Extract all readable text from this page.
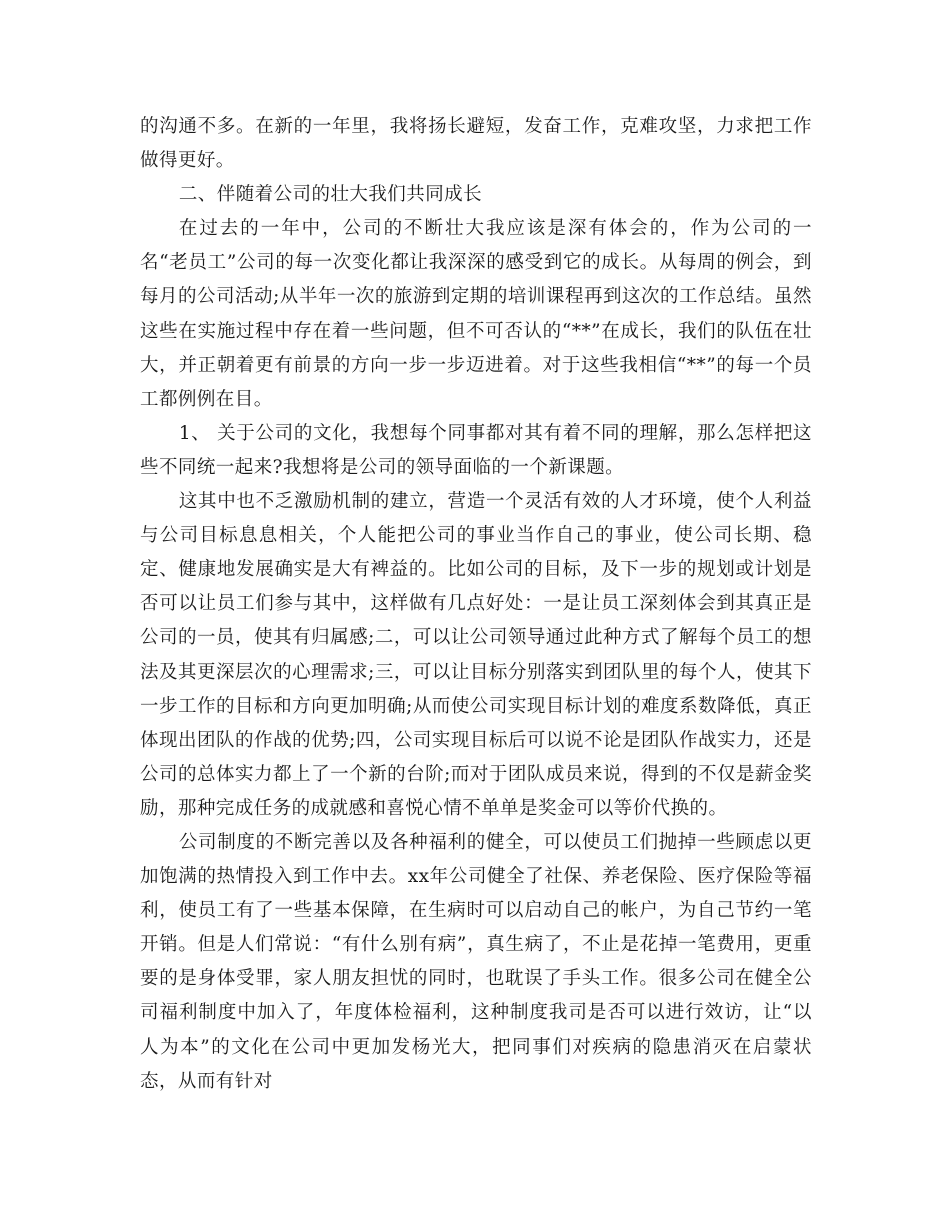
的沟通不多。在新的一年里，我将扬长避短，发奋工作，克难攻坚，力求把工作做得更好。

二、伴随着公司的壮大我们共同成长

在过去的一年中，公司的不断壮大我应该是深有体会的，作为公司的一名“老员工”公司的每一次变化都让我深深的感受到它的成长。从每周的例会，到每月的公司活动;从半年一次的旅游到定期的培训课程再到这次的工作总结。虽然这些在实施过程中存在着一些问题，但不可否认的“**”在成长，我们的队伍在壮大，并正朝着更有前景的方向一步一步迈进着。对于这些我相信“**”的每一个员工都例例在目。

1、 关于公司的文化，我想每个同事都对其有着不同的理解，那么怎样把这些不同统一起来?我想将是公司的领导面临的一个新课题。

这其中也不乏激励机制的建立，营造一个灵活有效的人才环境，使个人利益与公司目标息息相关，个人能把公司的事业当作自己的事业，使公司长期、稳定、健康地发展确实是大有裨益的。比如公司的目标，及下一步的规划或计划是否可以让员工们参与其中，这样做有几点好处：一是让员工深刻体会到其真正是公司的一员，使其有归属感;二，可以让公司领导通过此种方式了解每个员工的想法及其更深层次的心理需求;三，可以让目标分别落实到团队里的每个人，使其下一步工作的目标和方向更加明确;从而使公司实现目标计划的难度系数降低，真正体现出团队的作战的优势;四，公司实现目标后可以说不论是团队作战实力，还是公司的总体实力都上了一个新的台阶;而对于团队成员来说，得到的不仅是薪金奖励，那种完成任务的成就感和喜悦心情不单单是奖金可以等价代换的。

公司制度的不断完善以及各种福利的健全，可以使员工们抛掉一些顾虑以更加饱满的热情投入到工作中去。xx年公司健全了社保、养老保险、医疗保险等福利，使员工有了一些基本保障，在生病时可以启动自己的帐户，为自己节约一笔开销。但是人们常说：“有什么别有病”，真生病了，不止是花掉一笔费用，更重要的是身体受罪，家人朋友担忧的同时，也耽误了手头工作。很多公司在健全公司福利制度中加入了，年度体检福利，这种制度我司是否可以进行效访，让“以人为本”的文化在公司中更加发杨光大，把同事们对疾病的隐患消灭在启蒙状态，从而有针对
